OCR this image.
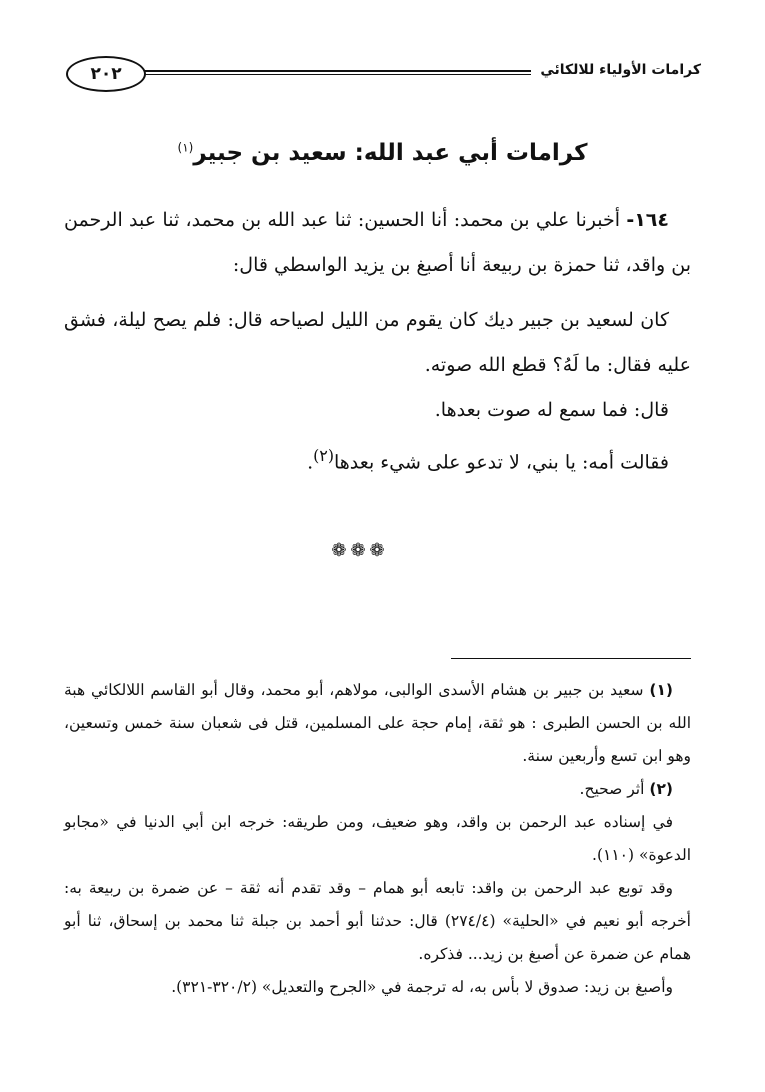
كرامات الأولياء للالكائي
٢٠٢
كرامات أبي عبد الله: سعيد بن جبير$^{(١)}$

١٦٤- أخبرنا علي بن محمد: أنا الحسين: ثنا عبد الله بن محمد، ثنا عبد الرحمن بن واقد، ثنا حمزة بن ربيعة أنا أصبغ بن يزيد الواسطي قال:

كان لسعيد بن جبير ديك كان يقوم من الليل لصياحه قال: فلم يصح ليلة، فشق عليه فقال: ما لَهُ؟ قطع الله صوته.

قال: فما سمع له صوت بعدها.

فقالت أمه: يا بني، لا تدعو على شيء بعدها$^{(٢)}$.

❁❁❁

(١) سعيد بن جبير بن هشام الأسدى الوالبى، مولاهم، أبو محمد، وقال أبو القاسم اللالكائي هبة الله بن الحسن الطبرى : هو ثقة، إمام حجة على المسلمين، قتل فى شعبان سنة خمس وتسعين، وهو ابن تسع وأربعين سنة.

(٢) أثر صحيح.

في إسناده عبد الرحمن بن واقد، وهو ضعيف، ومن طريقه: خرجه ابن أبي الدنيا في «مجابو الدعوة» (١١٠).

وقد توبع عبد الرحمن بن واقد: تابعه أبو همام – وقد تقدم أنه ثقة – عن ضمرة بن ربيعة به: أخرجه أبو نعيم في «الحلية» (٢٧٤/٤) قال: حدثنا أبو أحمد بن جبلة ثنا محمد بن إسحاق، ثنا أبو همام عن ضمرة عن أصبغ بن زيد... فذكره.

وأصبغ بن زيد: صدوق لا بأس به، له ترجمة في «الجرح والتعديل» (٣٢٠/٢-٣٢١).
